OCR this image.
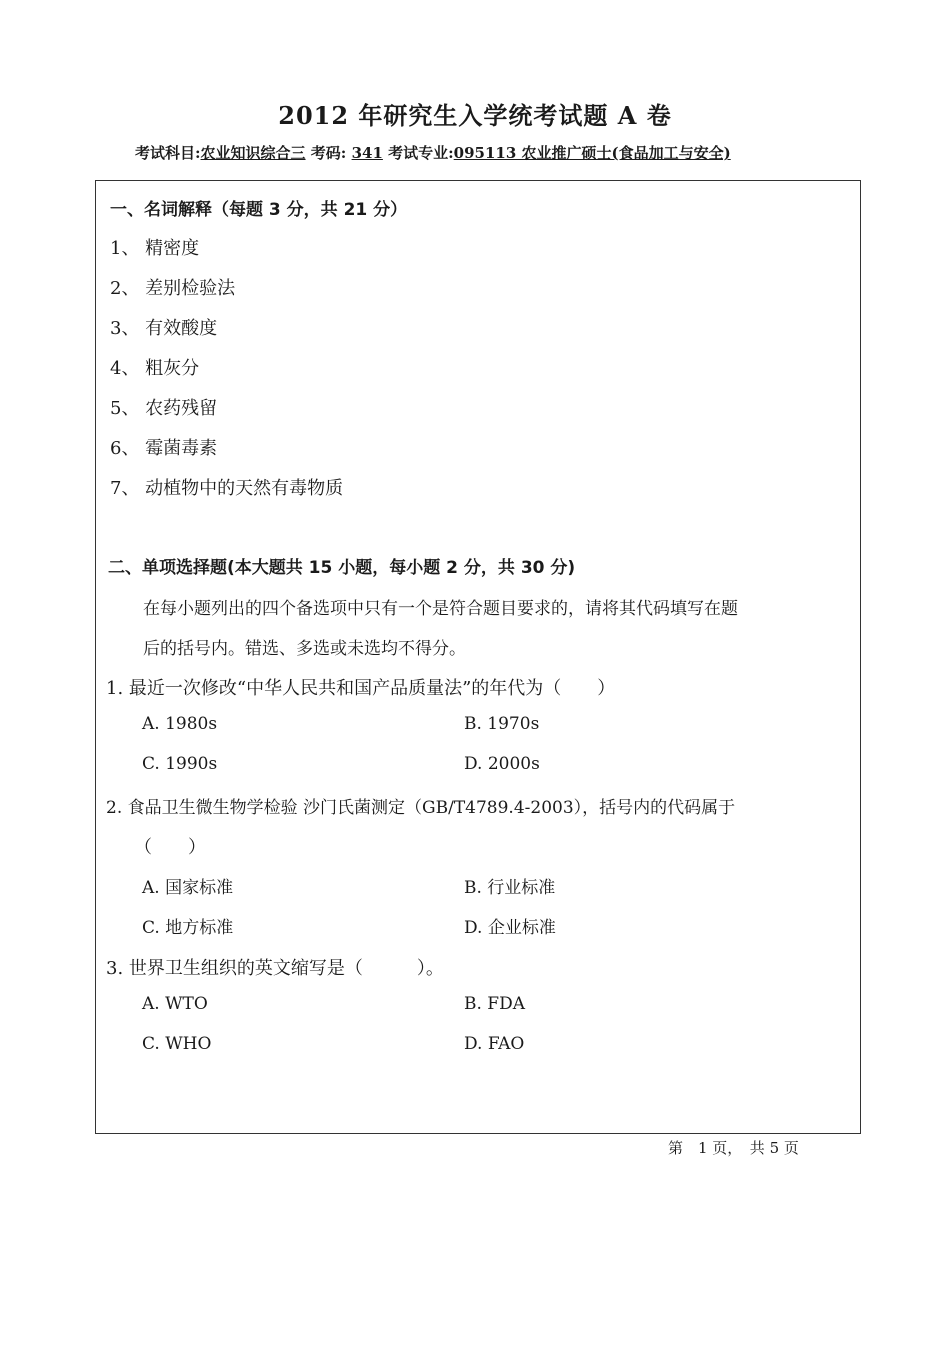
2012 年研究生入学统考试题 A 卷
考试科目:农业知识综合三 考码: 341 考试专业:095113 农业推广硕士(食品加工与安全)
一、名词解释（每题 3 分，共 21 分）
1、 精密度
2、 差别检验法
3、 有效酸度
4、 粗灰分
5、 农药残留
6、 霉菌毒素
7、 动植物中的天然有毒物质
二、单项选择题(本大题共 15 小题，每小题 2 分，共 30 分)
在每小题列出的四个备选项中只有一个是符合题目要求的，请将其代码填写在题
后的括号内。错选、多选或未选均不得分。
1. 最近一次修改“中华人民共和国产品质量法”的年代为（　　）
A. 1980s	B. 1970s
C. 1990s	D. 2000s
2. 食品卫生微生物学检验 沙门氏菌测定（GB/T4789.4-2003），括号内的代码属于
（　　）
A. 国家标准	B. 行业标准
C. 地方标准	D. 企业标准
3. 世界卫生组织的英文缩写是（　　　）。
A. WTO	B. FDA
C. WHO	D. FAO
第　1 页，　共 5 页
